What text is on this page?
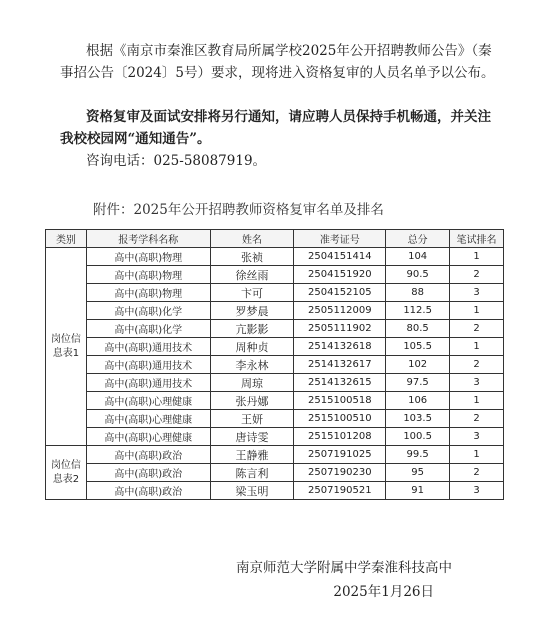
根据《南京市秦淮区教育局所属学校2025年公开招聘教师公告》（秦事招公告〔2024〕5号）要求，现将进入资格复审的人员名单予以公布。
资格复审及面试安排将另行通知，请应聘人员保持手机畅通，并关注我校校园网“通知通告”。
咨询电话：025-58087919。
附件：2025年公开招聘教师资格复审名单及排名
类别	报考学科名称	姓名	准考证号	总分	笔试排名
岗位信息表1	高中(高职)物理	张祯	2504151414	104	1
	高中(高职)物理	徐丝雨	2504151920	90.5	2
	高中(高职)物理	卞可	2504152105	88	3
	高中(高职)化学	罗梦晨	2505112009	112.5	1
	高中(高职)化学	亢影影	2505111902	80.5	2
	高中(高职)通用技术	周种贞	2514132618	105.5	1
	高中(高职)通用技术	李永林	2514132617	102	2
	高中(高职)通用技术	周琼	2514132615	97.5	3
	高中(高职)心理健康	张丹娜	2515100518	106	1
	高中(高职)心理健康	王妍	2515100510	103.5	2
	高中(高职)心理健康	唐诗雯	2515101208	100.5	3
岗位信息表2	高中(高职)政治	王静雅	2507191025	99.5	1
	高中(高职)政治	陈言利	2507190230	95	2
	高中(高职)政治	梁玉明	2507190521	91	3
南京师范大学附属中学秦淮科技高中
2025年1月26日
